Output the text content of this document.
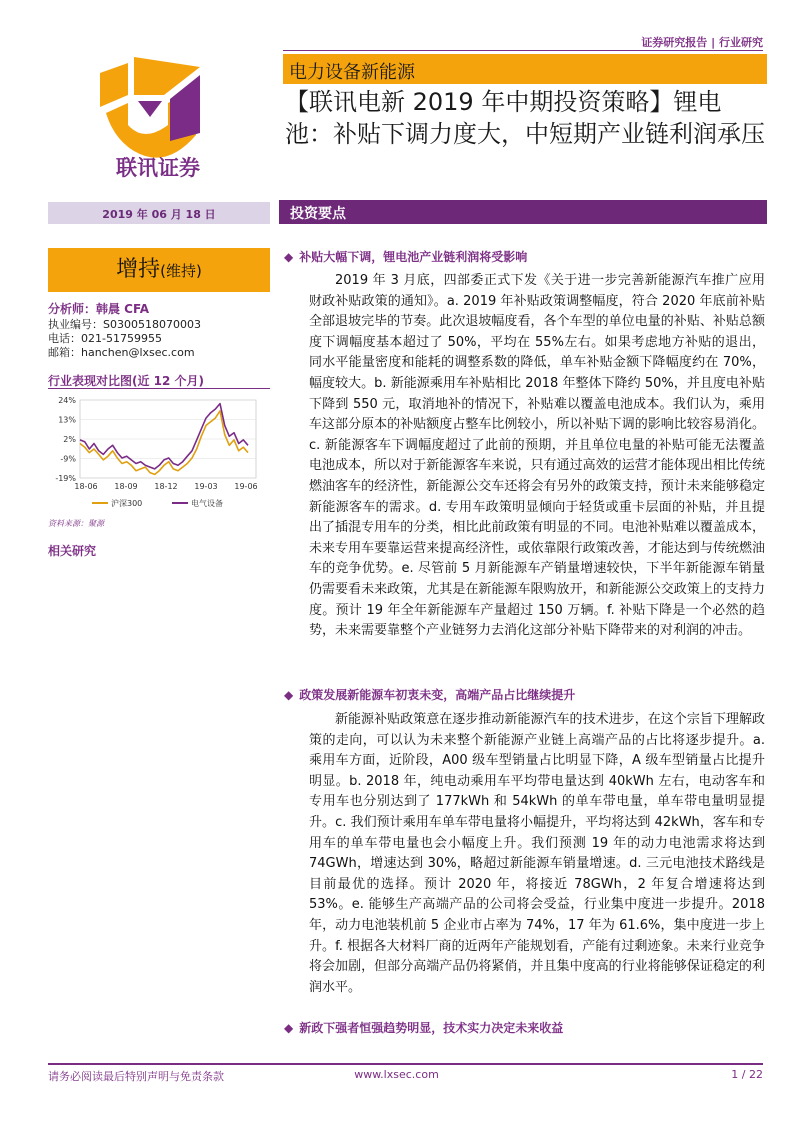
证券研究报告 | 行业研究
联讯证券
电力设备新能源
【联讯电新 2019 年中期投资策略】锂电池：补贴下调力度大，中短期产业链利润承压
2019 年 06 月 18 日	投资要点
增持(维持)
分析师：韩晨 CFA
执业编号：S0300518070003
电话：021-51759955
邮箱：hanchen@lxsec.com
行业表现对比图(近 12 个月)
24%
13%
2%
-9%
-19%
18-06 18-09 18-12 19-03 19-06
沪深300	电气设备
资料来源：聚源
相关研究
◆ 补贴大幅下调，锂电池产业链利润将受影响

2019 年 3 月底，四部委正式下发《关于进一步完善新能源汽车推广应用财政补贴政策的通知》。a. 2019 年补贴政策调整幅度，符合 2020 年底前补贴全部退坡完毕的节奏。此次退坡幅度看，各个车型的单位电量的补贴、补贴总额度下调幅度基本超过了 50%，平均在 55%左右。如果考虑地方补贴的退出，同水平能量密度和能耗的调整系数的降低，单车补贴金额下降幅度约在 70%，幅度较大。b. 新能源乘用车补贴相比 2018 年整体下降约 50%，并且度电补贴下降到 550 元，取消地补的情况下，补贴难以覆盖电池成本。我们认为，乘用车这部分原本的补贴额度占整车比例较小，所以补贴下调的影响比较容易消化。c. 新能源客车下调幅度超过了此前的预期，并且单位电量的补贴可能无法覆盖电池成本，所以对于新能源客车来说，只有通过高效的运营才能体现出相比传统燃油客车的经济性，新能源公交车还将会有另外的政策支持，预计未来能够稳定新能源客车的需求。d. 专用车政策明显倾向于轻货或重卡层面的补贴，并且提出了插混专用车的分类，相比此前政策有明显的不同。电池补贴难以覆盖成本，未来专用车要靠运营来提高经济性，或依靠限行政策改善，才能达到与传统燃油车的竞争优势。e. 尽管前 5 月新能源车产销量增速较快，下半年新能源车销量仍需要看未来政策，尤其是在新能源车限购放开，和新能源公交政策上的支持力度。预计 19 年全年新能源车产量超过 150 万辆。f. 补贴下降是一个必然的趋势，未来需要靠整个产业链努力去消化这部分补贴下降带来的对利润的冲击。

◆ 政策发展新能源车初衷未变，高端产品占比继续提升

新能源补贴政策意在逐步推动新能源汽车的技术进步，在这个宗旨下理解政策的走向，可以认为未来整个新能源产业链上高端产品的占比将逐步提升。a. 乘用车方面，近阶段，A00 级车型销量占比明显下降，A 级车型销量占比提升明显。b. 2018 年，纯电动乘用车平均带电量达到 40kWh 左右，电动客车和专用车也分别达到了 177kWh 和 54kWh 的单车带电量，单车带电量明显提升。c. 我们预计乘用车单车带电量将小幅提升，平均将达到 42kWh，客车和专用车的单车带电量也会小幅度上升。我们预测 19 年的动力电池需求将达到 74GWh，增速达到 30%，略超过新能源车销量增速。d. 三元电池技术路线是目前最优的选择。预计 2020 年，将接近 78GWh，2 年复合增速将达到 53%。e. 能够生产高端产品的公司将会受益，行业集中度进一步提升。2018 年，动力电池装机前 5 企业市占率为 74%，17 年为 61.6%，集中度进一步上升。f. 根据各大材料厂商的近两年产能规划看，产能有过剩迹象。未来行业竞争将会加剧，但部分高端产品仍将紧俏，并且集中度高的行业将能够保证稳定的利润水平。

◆ 新政下强者恒强趋势明显，技术实力决定未来收益
请务必阅读最后特别声明与免责条款	www.lxsec.com	1 / 22
